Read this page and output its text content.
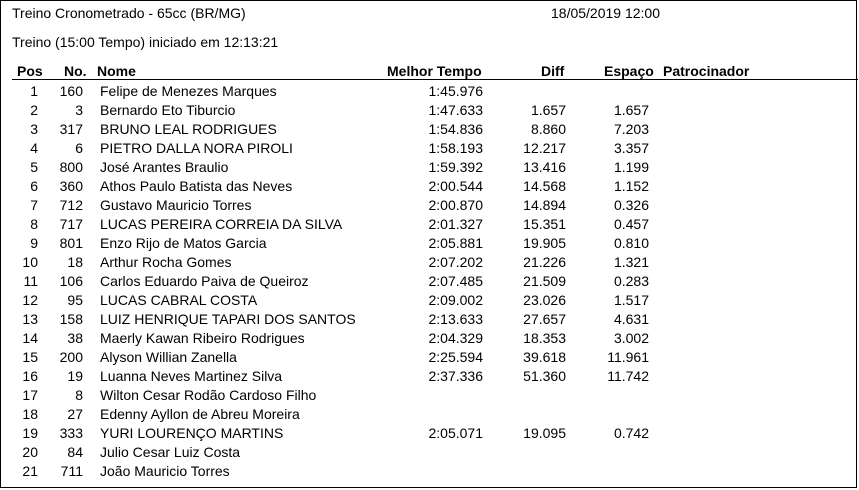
Treino Cronometrado - 65cc (BR/MG)	18/05/2019 12:00
Treino (15:00 Tempo) iniciado em 12:13:21
Pos No. Nome	Melhor Tempo	Diff	Espaço Patrocinador
1	160 Felipe de Menezes Marques	1:45.976
2	3 Bernardo Eto Tiburcio	1:47.633	1.657	1.657
3	317 BRUNO LEAL RODRIGUES	1:54.836	8.860	7.203
4	6 PIETRO DALLA NORA PIROLI	1:58.193	12.217	3.357
5	800 José Arantes Braulio	1:59.392	13.416	1.199
6	360 Athos Paulo Batista das Neves	2:00.544	14.568	1.152
7	712 Gustavo Mauricio Torres	2:00.870	14.894	0.326
8	717 LUCAS PEREIRA CORREIA DA SILVA	2:01.327	15.351	0.457
9	801 Enzo Rijo de Matos Garcia	2:05.881	19.905	0.810
10	18 Arthur Rocha Gomes	2:07.202	21.226	1.321
11	106 Carlos Eduardo Paiva de Queiroz	2:07.485	21.509	0.283
12	95 LUCAS CABRAL COSTA	2:09.002	23.026	1.517
13	158 LUIZ HENRIQUE TAPARI DOS SANTOS	2:13.633	27.657	4.631
14	38 Maerly Kawan Ribeiro Rodrigues	2:04.329	18.353	3.002
15	200 Alyson Willian Zanella	2:25.594	39.618	11.961
16	19 Luanna Neves Martinez Silva	2:37.336	51.360	11.742
17	8 Wilton Cesar Rodão Cardoso Filho
18	27 Edenny Ayllon de Abreu Moreira
19	333 YURI LOURENÇO MARTINS	2:05.071	19.095	0.742
20	84 Julio Cesar Luiz Costa
21	711 João Mauricio Torres
